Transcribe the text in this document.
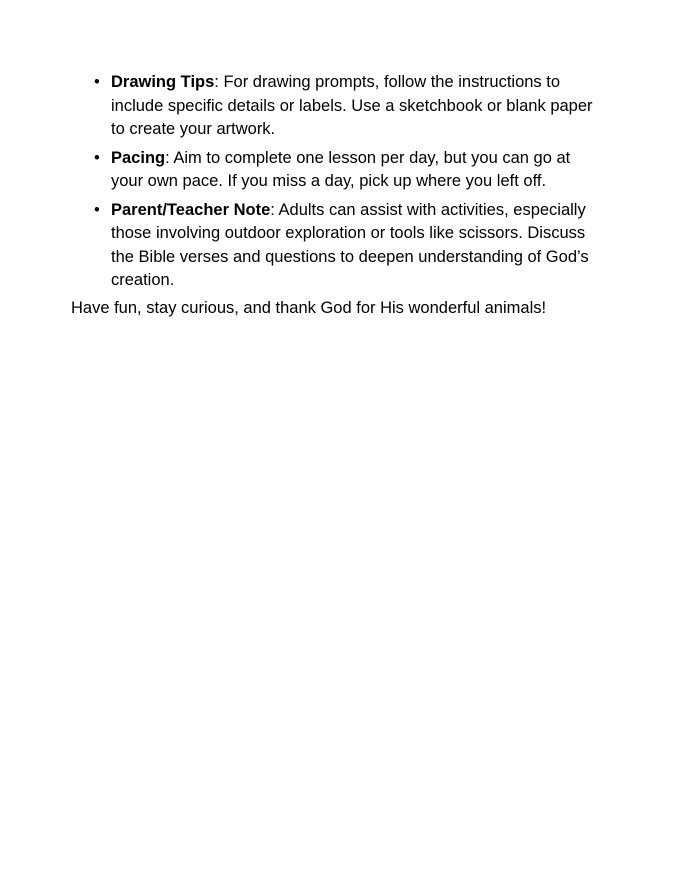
• Drawing Tips: For drawing prompts, follow the instructions to include specific details or labels. Use a sketchbook or blank paper to create your artwork.
• Pacing: Aim to complete one lesson per day, but you can go at your own pace. If you miss a day, pick up where you left off.
• Parent/Teacher Note: Adults can assist with activities, especially those involving outdoor exploration or tools like scissors. Discuss the Bible verses and questions to deepen understanding of God’s creation.

Have fun, stay curious, and thank God for His wonderful animals!
